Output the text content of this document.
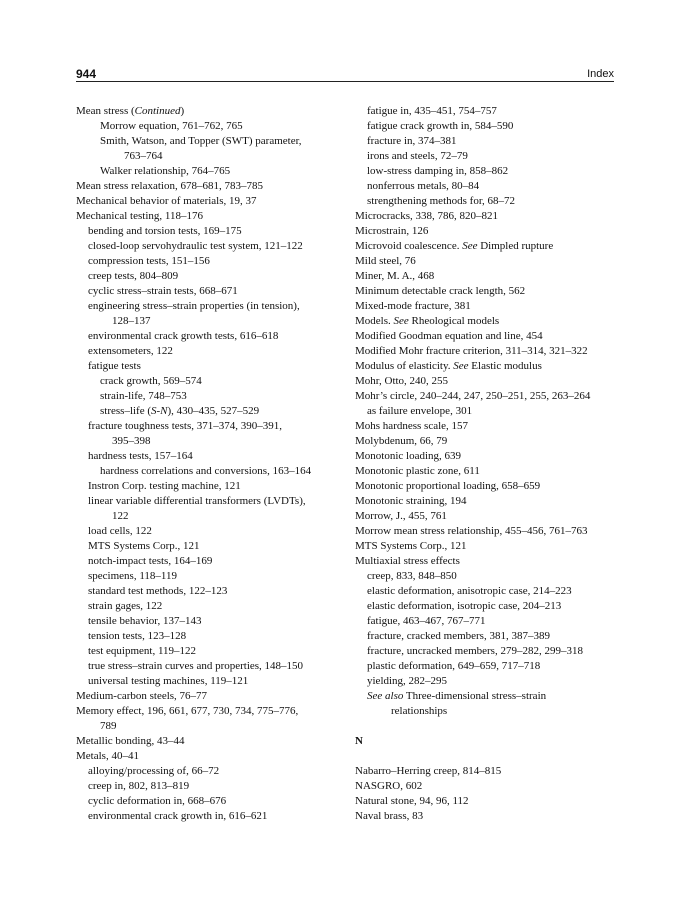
944	Index
Mean stress (Continued)
Morrow equation, 761–762, 765
Smith, Watson, and Topper (SWT) parameter,
763–764
Walker relationship, 764–765
Mean stress relaxation, 678–681, 783–785
Mechanical behavior of materials, 19, 37
Mechanical testing, 118–176
bending and torsion tests, 169–175
closed-loop servohydraulic test system, 121–122
compression tests, 151–156
creep tests, 804–809
cyclic stress–strain tests, 668–671
engineering stress–strain properties (in tension),
128–137
environmental crack growth tests, 616–618
extensometers, 122
fatigue tests
crack growth, 569–574
strain-life, 748–753
stress–life (S-N), 430–435, 527–529
fracture toughness tests, 371–374, 390–391,
395–398
hardness tests, 157–164
hardness correlations and conversions, 163–164
Instron Corp. testing machine, 121
linear variable differential transformers (LVDTs),
122
load cells, 122
MTS Systems Corp., 121
notch-impact tests, 164–169
specimens, 118–119
standard test methods, 122–123
strain gages, 122
tensile behavior, 137–143
tension tests, 123–128
test equipment, 119–122
true stress–strain curves and properties, 148–150
universal testing machines, 119–121
Medium-carbon steels, 76–77
Memory effect, 196, 661, 677, 730, 734, 775–776,
789
Metallic bonding, 43–44
Metals, 40–41
alloying/processing of, 66–72
creep in, 802, 813–819
cyclic deformation in, 668–676
environmental crack growth in, 616–621
fatigue in, 435–451, 754–757
fatigue crack growth in, 584–590
fracture in, 374–381
irons and steels, 72–79
low-stress damping in, 858–862
nonferrous metals, 80–84
strengthening methods for, 68–72
Microcracks, 338, 786, 820–821
Microstrain, 126
Microvoid coalescence. See Dimpled rupture
Mild steel, 76
Miner, M. A., 468
Minimum detectable crack length, 562
Mixed-mode fracture, 381
Models. See Rheological models
Modified Goodman equation and line, 454
Modified Mohr fracture criterion, 311–314, 321–322
Modulus of elasticity. See Elastic modulus
Mohr, Otto, 240, 255
Mohr’s circle, 240–244, 247, 250–251, 255, 263–264
as failure envelope, 301
Mohs hardness scale, 157
Molybdenum, 66, 79
Monotonic loading, 639
Monotonic plastic zone, 611
Monotonic proportional loading, 658–659
Monotonic straining, 194
Morrow, J., 455, 761
Morrow mean stress relationship, 455–456, 761–763
MTS Systems Corp., 121
Multiaxial stress effects
creep, 833, 848–850
elastic deformation, anisotropic case, 214–223
elastic deformation, isotropic case, 204–213
fatigue, 463–467, 767–771
fracture, cracked members, 381, 387–389
fracture, uncracked members, 279–282, 299–318
plastic deformation, 649–659, 717–718
yielding, 282–295
See also Three-dimensional stress–strain
relationships
N
Nabarro–Herring creep, 814–815
NASGRO, 602
Natural stone, 94, 96, 112
Naval brass, 83
